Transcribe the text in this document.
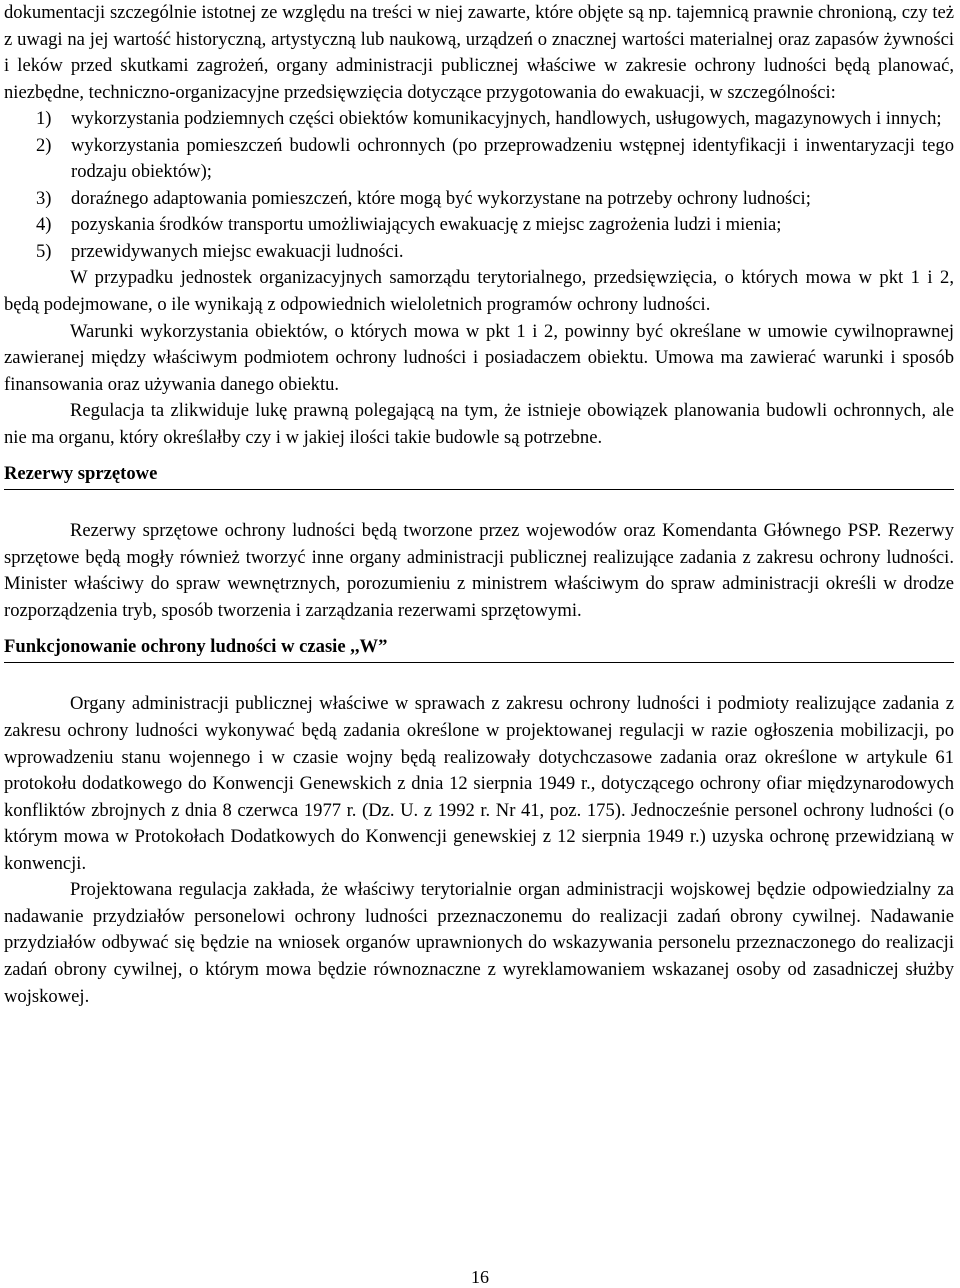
dokumentacji szczególnie istotnej ze względu na treści w niej zawarte, które objęte są np. tajemnicą prawnie chronioną, czy też z uwagi na jej wartość historyczną, artystyczną lub naukową, urządzeń o znacznej wartości materialnej oraz zapasów żywności i leków przed skutkami zagrożeń, organy administracji publicznej właściwe w zakresie ochrony ludności będą planować, niezbędne, techniczno-organizacyjne przedsięwzięcia dotyczące przygotowania do ewakuacji, w szczególności:

1) wykorzystania podziemnych części obiektów komunikacyjnych, handlowych, usługowych, magazynowych i innych;
2) wykorzystania pomieszczeń budowli ochronnych (po przeprowadzeniu wstępnej identyfikacji i inwentaryzacji tego rodzaju obiektów);
3) doraźnego adaptowania pomieszczeń, które mogą być wykorzystane na potrzeby ochrony ludności;
4) pozyskania środków transportu umożliwiających ewakuację z miejsc zagrożenia ludzi i mienia;
5) przewidywanych miejsc ewakuacji ludności.

W przypadku jednostek organizacyjnych samorządu terytorialnego, przedsięwzięcia, o których mowa w pkt 1 i 2, będą podejmowane, o ile wynikają z odpowiednich wieloletnich programów ochrony ludności.

Warunki wykorzystania obiektów, o których mowa w pkt 1 i 2, powinny być określane w umowie cywilnoprawnej zawieranej między właściwym podmiotem ochrony ludności i posiadaczem obiektu. Umowa ma zawierać warunki i sposób finansowania oraz używania danego obiektu.

Regulacja ta zlikwiduje lukę prawną polegającą na tym, że istnieje obowiązek planowania budowli ochronnych, ale nie ma organu, który określałby czy i w jakiej ilości takie budowle są potrzebne.

Rezerwy sprzętowe

Rezerwy sprzętowe ochrony ludności będą tworzone przez wojewodów oraz Komendanta Głównego PSP. Rezerwy sprzętowe będą mogły również tworzyć inne organy administracji publicznej realizujące zadania z zakresu ochrony ludności. Minister właściwy do spraw wewnętrznych, porozumieniu z ministrem właściwym do spraw administracji określi w drodze rozporządzenia tryb, sposób tworzenia i zarządzania rezerwami sprzętowymi.

Funkcjonowanie ochrony ludności w czasie ,,W”

Organy administracji publicznej właściwe w sprawach z zakresu ochrony ludności i podmioty realizujące zadania z zakresu ochrony ludności wykonywać będą zadania określone w projektowanej regulacji w razie ogłoszenia mobilizacji, po wprowadzeniu stanu wojennego i w czasie wojny będą realizowały dotychczasowe zadania oraz określone w artykule 61 protokołu dodatkowego do Konwencji Genewskich z dnia 12 sierpnia 1949 r., dotyczącego ochrony ofiar międzynarodowych konfliktów zbrojnych z dnia 8 czerwca 1977 r. (Dz. U. z 1992 r. Nr 41, poz. 175). Jednocześnie personel ochrony ludności (o którym mowa w Protokołach Dodatkowych do Konwencji genewskiej z 12 sierpnia 1949 r.) uzyska ochronę przewidzianą w konwencji.

Projektowana regulacja zakłada, że właściwy terytorialnie organ administracji wojskowej będzie odpowiedzialny za nadawanie przydziałów personelowi ochrony ludności przeznaczonemu do realizacji zadań obrony cywilnej. Nadawanie przydziałów odbywać się będzie na wniosek organów uprawnionych do wskazywania personelu przeznaczonego do realizacji zadań obrony cywilnej, o którym mowa będzie równoznaczne z wyreklamowaniem wskazanej osoby od zasadniczej służby wojskowej.

16
